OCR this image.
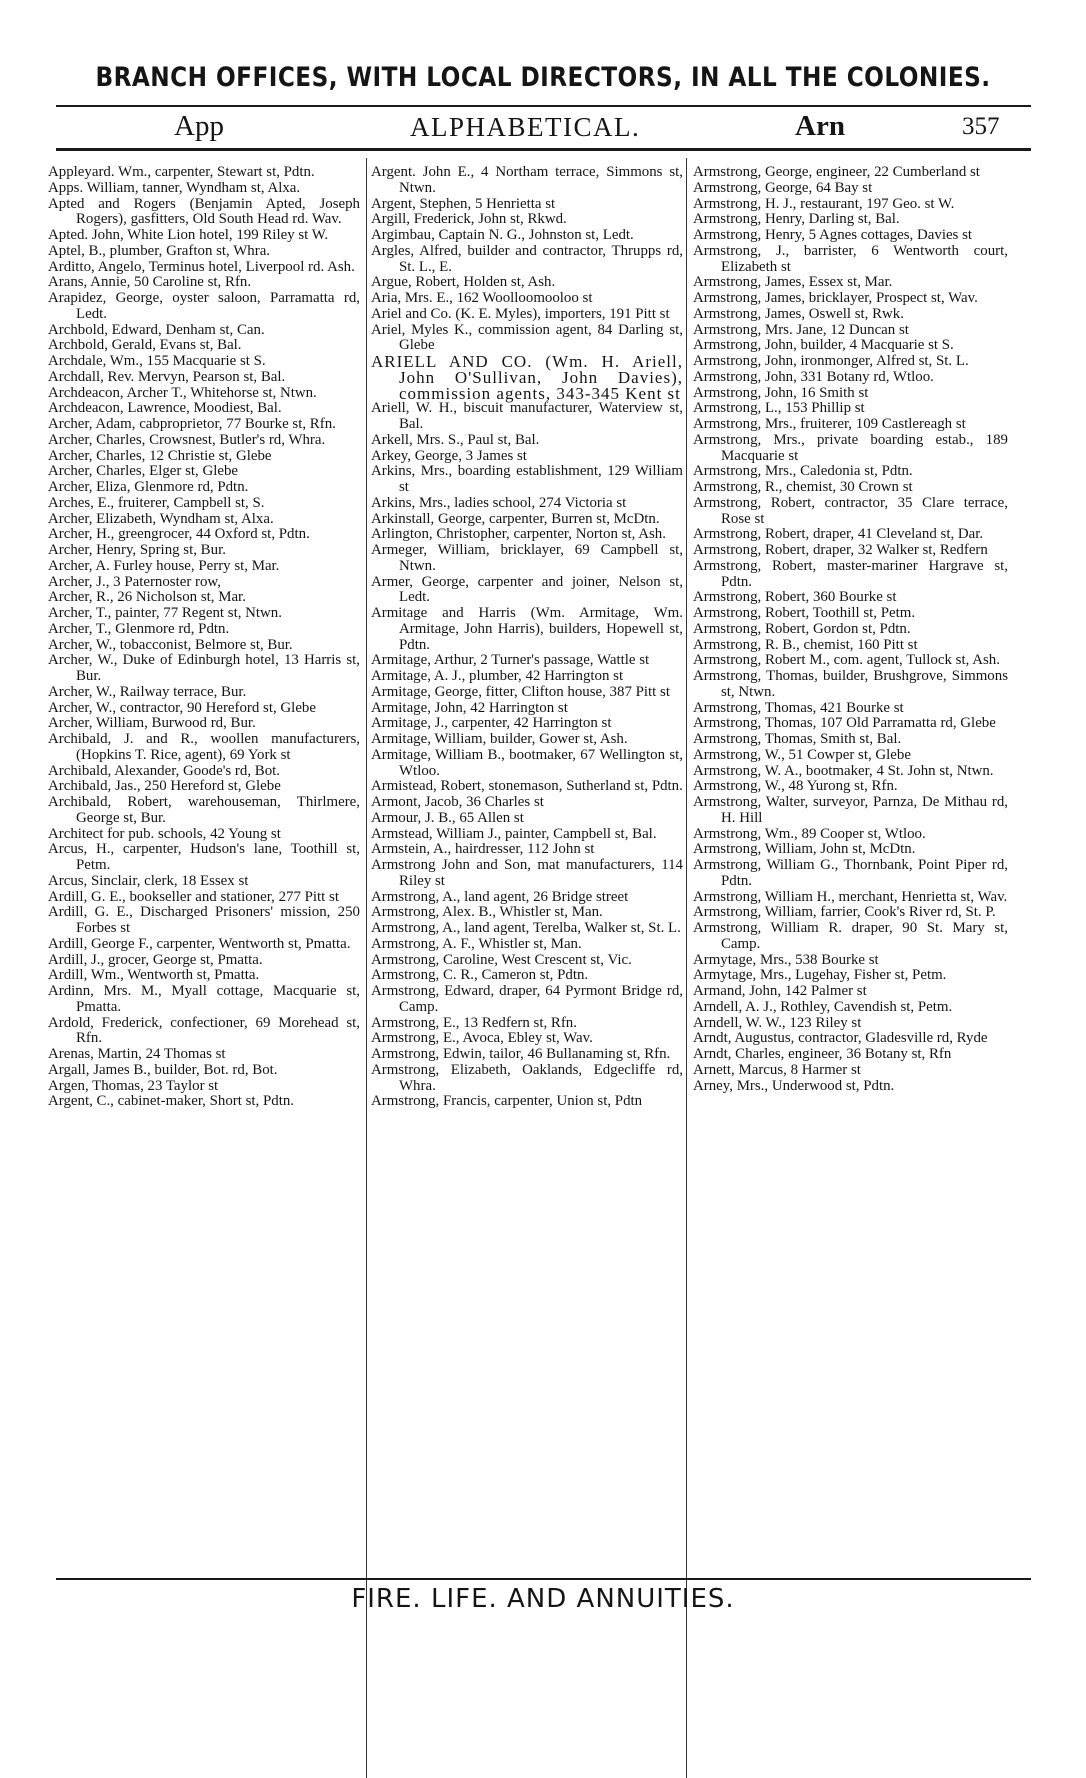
BRANCH OFFICES, WITH LOCAL DIRECTORS, IN ALL THE COLONIES.
App	ALPHABETICAL.	Arn	357
Appleyard. Wm., carpenter, Stewart st, Pdtn.
Apps. William, tanner, Wyndham st, Alxa.
Apted and Rogers (Benjamin Apted, Joseph Rogers), gasfitters, Old South Head rd. Wav.
Apted. John, White Lion hotel, 199 Riley st W.
Aptel, B., plumber, Grafton st, Whra.
Arditto, Angelo, Terminus hotel, Liverpool rd. Ash.
Arans, Annie, 50 Caroline st, Rfn.
Arapidez, George, oyster saloon, Parramatta rd, Ledt.
Archbold, Edward, Denham st, Can.
Archbold, Gerald, Evans st, Bal.
Archdale, Wm., 155 Macquarie st S.
Archdall, Rev. Mervyn, Pearson st, Bal.
Archdeacon, Archer T., Whitehorse st, Ntwn.
Archdeacon, Lawrence, Moodiest, Bal.
Archer, Adam, cabproprietor, 77 Bourke st, Rfn.
Archer, Charles, Crowsnest, Butler's rd, Whra.
Archer, Charles, 12 Christie st, Glebe
Archer, Charles, Elger st, Glebe
Archer, Eliza, Glenmore rd, Pdtn.
Arches, E., fruiterer, Campbell st, S.
Archer, Elizabeth, Wyndham st, Alxa.
Archer, H., greengrocer, 44 Oxford st, Pdtn.
Archer, Henry, Spring st, Bur.
Archer, A. Furley house, Perry st, Mar.
Archer, J., 3 Paternoster row,
Archer, R., 26 Nicholson st, Mar.
Archer, T., painter, 77 Regent st, Ntwn.
Archer, T., Glenmore rd, Pdtn.
Archer, W., tobacconist, Belmore st, Bur.
Archer, W., Duke of Edinburgh hotel, 13 Harris st, Bur.
Archer, W., Railway terrace, Bur.
Archer, W., contractor, 90 Hereford st, Glebe
Archer, William, Burwood rd, Bur.
Archibald, J. and R., woollen manufacturers, (Hopkins T. Rice, agent), 69 York st
Archibald, Alexander, Goode's rd, Bot.
Archibald, Jas., 250 Hereford st, Glebe
Archibald, Robert, warehouseman, Thirlmere, George st, Bur.
Architect for pub. schools, 42 Young st
Arcus, H., carpenter, Hudson's lane, Toothill st, Petm.
Arcus, Sinclair, clerk, 18 Essex st
Ardill, G. E., bookseller and stationer, 277 Pitt st
Ardill, G. E., Discharged Prisoners' mission, 250 Forbes st
Ardill, George F., carpenter, Wentworth st, Pmatta.
Ardill, J., grocer, George st, Pmatta.
Ardill, Wm., Wentworth st, Pmatta.
Ardinn, Mrs. M., Myall cottage, Macquarie st, Pmatta.
Ardold, Frederick, confectioner, 69 Morehead st, Rfn.
Arenas, Martin, 24 Thomas st
Argall, James B., builder, Bot. rd, Bot.
Argen, Thomas, 23 Taylor st
Argent, C., cabinet-maker, Short st, Pdtn.
Argent. John E., 4 Northam terrace, Simmons st, Ntwn.
Argent, Stephen, 5 Henrietta st
Argill, Frederick, John st, Rkwd.
Argimbau, Captain N. G., Johnston st, Ledt.
Argles, Alfred, builder and contractor, Thrupps rd, St. L., E.
Argue, Robert, Holden st, Ash.
Aria, Mrs. E., 162 Woolloomooloo st
Ariel and Co. (K. E. Myles), importers, 191 Pitt st
Ariel, Myles K., commission agent, 84 Darling st, Glebe
ARIELL AND CO. (Wm. H. Ariell, John O'Sullivan, John Davies), commission agents, 343-345 Kent st
Ariell, W. H., biscuit manufacturer, Waterview st, Bal.
Arkell, Mrs. S., Paul st, Bal.
Arkey, George, 3 James st
Arkins, Mrs., boarding establishment, 129 William st
Arkins, Mrs., ladies school, 274 Victoria st
Arkinstall, George, carpenter, Burren st, McDtn.
Arlington, Christopher, carpenter, Norton st, Ash.
Armeger, William, bricklayer, 69 Campbell st, Ntwn.
Armer, George, carpenter and joiner, Nelson st, Ledt.
Armitage and Harris (Wm. Armitage, Wm. Armitage, John Harris), builders, Hopewell st, Pdtn.
Armitage, Arthur, 2 Turner's passage, Wattle st
Armitage, A. J., plumber, 42 Harrington st
Armitage, George, fitter, Clifton house, 387 Pitt st
Armitage, John, 42 Harrington st
Armitage, J., carpenter, 42 Harrington st
Armitage, William, builder, Gower st, Ash.
Armitage, William B., bootmaker, 67 Wellington st, Wtloo.
Armistead, Robert, stonemason, Sutherland st, Pdtn.
Armont, Jacob, 36 Charles st
Armour, J. B., 65 Allen st
Armstead, William J., painter, Campbell st, Bal.
Armstein, A., hairdresser, 112 John st
Armstrong John and Son, mat manufacturers, 114 Riley st
Armstrong, A., land agent, 26 Bridge street
Armstrong, Alex. B., Whistler st, Man.
Armstrong, A., land agent, Terelba, Walker st, St. L.
Armstrong, A. F., Whistler st, Man.
Armstrong, Caroline, West Crescent st, Vic.
Armstrong, C. R., Cameron st, Pdtn.
Armstrong, Edward, draper, 64 Pyrmont Bridge rd, Camp.
Armstrong, E., 13 Redfern st, Rfn.
Armstrong, E., Avoca, Ebley st, Wav.
Armstrong, Edwin, tailor, 46 Bullanaming st, Rfn.
Armstrong, Elizabeth, Oaklands, Edgecliffe rd, Whra.
Armstrong, Francis, carpenter, Union st, Pdtn
Armstrong, George, engineer, 22 Cumberland st
Armstrong, George, 64 Bay st
Armstrong, H. J., restaurant, 197 Geo. st W.
Armstrong, Henry, Darling st, Bal.
Armstrong, Henry, 5 Agnes cottages, Davies st
Armstrong, J., barrister, 6 Wentworth court, Elizabeth st
Armstrong, James, Essex st, Mar.
Armstrong, James, bricklayer, Prospect st, Wav.
Armstrong, James, Oswell st, Rwk.
Armstrong, Mrs. Jane, 12 Duncan st
Armstrong, John, builder, 4 Macquarie st S.
Armstrong, John, ironmonger, Alfred st, St. L.
Armstrong, John, 331 Botany rd, Wtloo.
Armstrong, John, 16 Smith st
Armstrong, L., 153 Phillip st
Armstrong, Mrs., fruiterer, 109 Castlereagh st
Armstrong, Mrs., private boarding estab., 189 Macquarie st
Armstrong, Mrs., Caledonia st, Pdtn.
Armstrong, R., chemist, 30 Crown st
Armstrong, Robert, contractor, 35 Clare terrace, Rose st
Armstrong, Robert, draper, 41 Cleveland st, Dar.
Armstrong, Robert, draper, 32 Walker st, Redfern
Armstrong, Robert, master-mariner Hargrave st, Pdtn.
Armstrong, Robert, 360 Bourke st
Armstrong, Robert, Toothill st, Petm.
Armstrong, Robert, Gordon st, Pdtn.
Armstrong, R. B., chemist, 160 Pitt st
Armstrong, Robert M., com. agent, Tullock st, Ash.
Armstrong, Thomas, builder, Brushgrove, Simmons st, Ntwn.
Armstrong, Thomas, 421 Bourke st
Armstrong, Thomas, 107 Old Parramatta rd, Glebe
Armstrong, Thomas, Smith st, Bal.
Armstrong, W., 51 Cowper st, Glebe
Armstrong, W. A., bootmaker, 4 St. John st, Ntwn.
Armstrong, W., 48 Yurong st, Rfn.
Armstrong, Walter, surveyor, Parnza, De Mithau rd, H. Hill
Armstrong, Wm., 89 Cooper st, Wtloo.
Armstrong, William, John st, McDtn.
Armstrong, William G., Thornbank, Point Piper rd, Pdtn.
Armstrong, William H., merchant, Henrietta st, Wav.
Armstrong, William, farrier, Cook's River rd, St. P.
Armstrong, William R. draper, 90 St. Mary st, Camp.
Armytage, Mrs., 538 Bourke st
Armytage, Mrs., Lugehay, Fisher st, Petm.
Armand, John, 142 Palmer st
Arndell, A. J., Rothley, Cavendish st, Petm.
Arndell, W. W., 123 Riley st
Arndt, Augustus, contractor, Gladesville rd, Ryde
Arndt, Charles, engineer, 36 Botany st, Rfn
Arnett, Marcus, 8 Harmer st
Arney, Mrs., Underwood st, Pdtn.
FIRE. LIFE. AND ANNUITIES.
